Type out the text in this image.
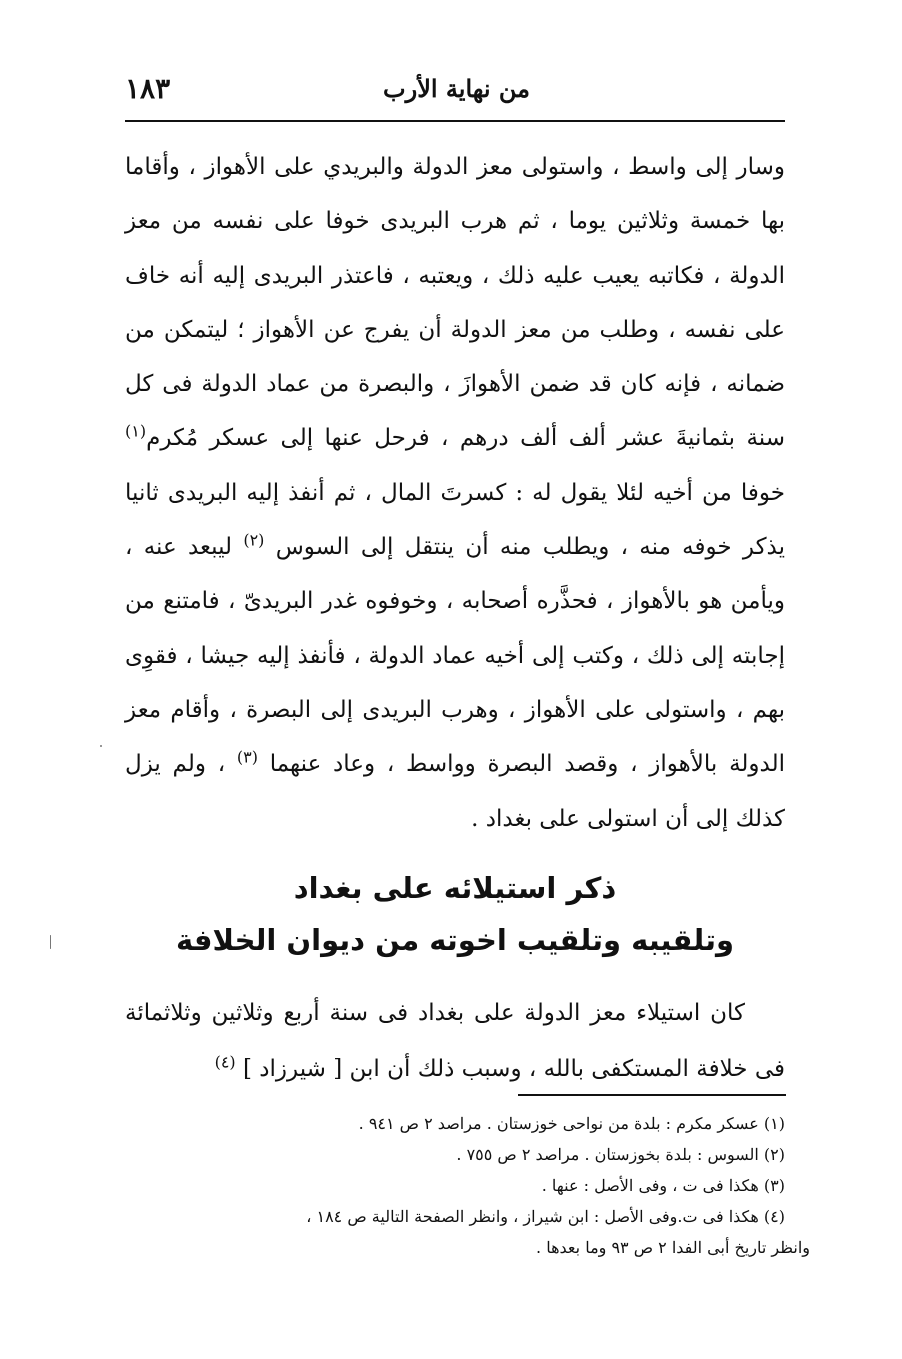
من نهاية الأرب
١٨٣

وسار إلى واسط ، واستولى معز الدولة والبريدي على الأهواز ، وأقاما بها خمسة وثلاثين يوما ، ثم هرب البريدى خوفا على نفسه من معز الدولة ، فكاتبه يعيب عليه ذلك ، ويعتبه ، فاعتذر البريدى إليه أنه خاف على نفسه ، وطلب من معز الدولة أن يفرج عن الأهواز ؛ ليتمكن من ضمانه ، فإنه كان قد ضمن الأهوازَ ، والبصرة من عماد الدولة فى كل سنة بثمانيةَ عشر ألف ألف درهم ، فرحل عنها إلى عسكر مُكرم$^{(١)}$ خوفا من أخيه لئلا يقول له : كسرتَ المال ، ثم أنفذ إليه البريدى ثانيا يذكر خوفه منه ، ويطلب منه أن ينتقل إلى السوس $^{(٢)}$ ليبعد عنه ، ويأمن هو بالأهواز ، فحذَّره أصحابه ، وخوفوه غدر البريدىّ ، فامتنع من إجابته إلى ذلك ، وكتب إلى أخيه عماد الدولة ، فأنفذ إليه جيشا ، فقوِى بهم ، واستولى على الأهواز ، وهرب البريدى إلى البصرة ، وأقام معز الدولة بالأهواز ، وقصد البصرة وواسط ، وعاد عنهما $^{(٣)}$ ، ولم يزل كذلك إلى أن استولى على بغداد .

ذكر استيلائه على بغداد
وتلقيبه وتلقيب اخوته من ديوان الخلافة

كان استيلاء معز الدولة على بغداد فى سنة أربع وثلاثين وثلاثمائة فى خلافة المستكفى بالله ، وسبب ذلك أن ابن [ شيرزاد ] $^{(٤)}$

(١) عسكر مكرم : بلدة من نواحى خوزستان . مراصد ٢ ص ٩٤١ .

(٢) السوس : بلدة بخوزستان . مراصد ٢ ص ٧٥٥ .

(٣) هكذا فى ت ، وفى الأصل : عنها .

(٤) هكذا فى ت.وفى الأصل : ابن شيراز ، وانظر الصفحة التالية ص ١٨٤ ،

وانظر تاريخ أبى الفدا ٢ ص ٩٣ وما بعدها .
